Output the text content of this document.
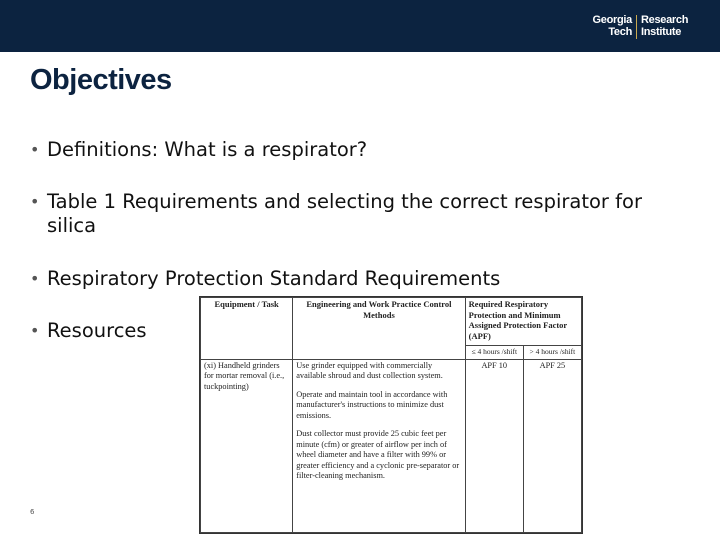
Georgia
Tech
Research
Institute
Objectives
• Definitions: What is a respirator?
• Table 1 Requirements and selecting the correct respirator for silica
• Respiratory Protection Standard Requirements
• Resources
Equipment / Task	Engineering and Work Practice Control Methods	Required Respiratory Protection and Minimum Assigned Protection Factor (APF)	
		≤ 4 hours /shift	> 4 hours /shift
(xi) Handheld grinders for mortar removal (i.e., tuckpointing)	Use grinder equipped with commercially available shroud and dust collection system.

Operate and maintain tool in accordance with manufacturer's instructions to minimize dust emissions.

Dust collector must provide 25 cubic feet per minute (cfm) or greater of airflow per inch of wheel diameter and have a filter with 99% or greater efficiency and a cyclonic pre-separator or filter-cleaning mechanism.	APF 10	APF 25
6
